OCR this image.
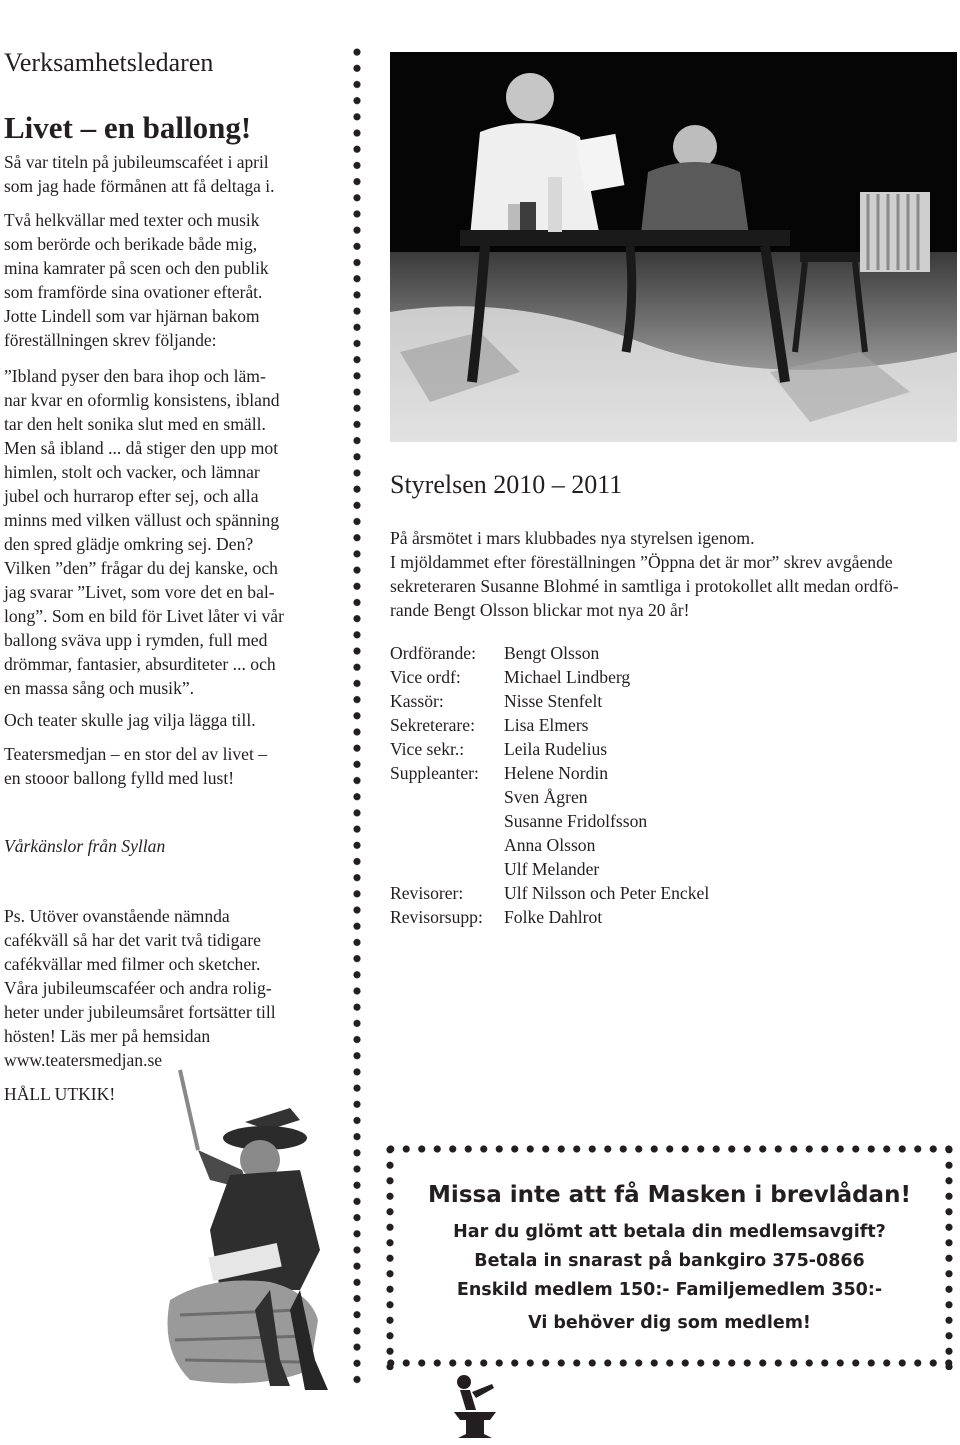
Verksamhetsledaren
Livet – en ballong!
Så var titeln på jubileumscaféet i april
som jag hade förmånen att få deltaga i.
Två helkvällar med texter och musik
som berörde och berikade både mig,
mina kamrater på scen och den publik
som framförde sina ovationer efteråt.
Jotte Lindell som var hjärnan bakom
föreställningen skrev följande:
”Ibland pyser den bara ihop och läm-
nar kvar en oformlig konsistens, ibland
tar den helt sonika slut med en smäll.
Men så ibland ... då stiger den upp mot
himlen, stolt och vacker, och lämnar
jubel och hurrarop efter sej, och alla
minns med vilken vällust och spänning
den spred glädje omkring sej. Den?
Vilken ”den” frågar du dej kanske, och
jag svarar ”Livet, som vore det en bal-
long”. Som en bild för Livet låter vi vår
ballong sväva upp i rymden, full med
drömmar, fantasier, absurditeter ... och
en massa sång och musik”.
Och teater skulle jag vilja lägga till.
Teatersmedjan – en stor del av livet –
en stooor ballong fylld med lust!
Vårkänslor från Syllan
Ps. Utöver ovanstående nämnda
cafékväll så har det varit två tidigare
cafékvällar med filmer och sketcher.
Våra jubileumscaféer och andra rolig-
heter under jubileumsåret fortsätter till
hösten! Läs mer på hemsidan
www.teatersmedjan.se
HÅLL UTKIK!
Styrelsen 2010 – 2011
På årsmötet i mars klubbades nya styrelsen igenom.
I mjöldammet efter föreställningen ”Öppna det är mor” skrev avgående
sekreteraren Susanne Blohmé in samtliga i protokollet allt medan ordfö-
rande Bengt Olsson blickar mot nya 20 år!
Ordförande: Bengt Olsson
Vice ordf: Michael Lindberg
Kassör:	Nisse Stenfelt
Sekreterare: Lisa Elmers
Vice sekr.: Leila Rudelius
Suppleanter: Helene Nordin
Sven Ågren
Susanne Fridolfsson
Anna Olsson
Ulf Melander
Revisorer: Ulf Nilsson och Peter Enckel
Revisorsupp: Folke Dahlrot
Missa inte att få Masken i brevlådan!
Har du glömt att betala din medlemsavgift?
Betala in snarast på bankgiro 375-0866
Enskild medlem 150:- Familjemedlem 350:-
Vi behöver dig som medlem!
